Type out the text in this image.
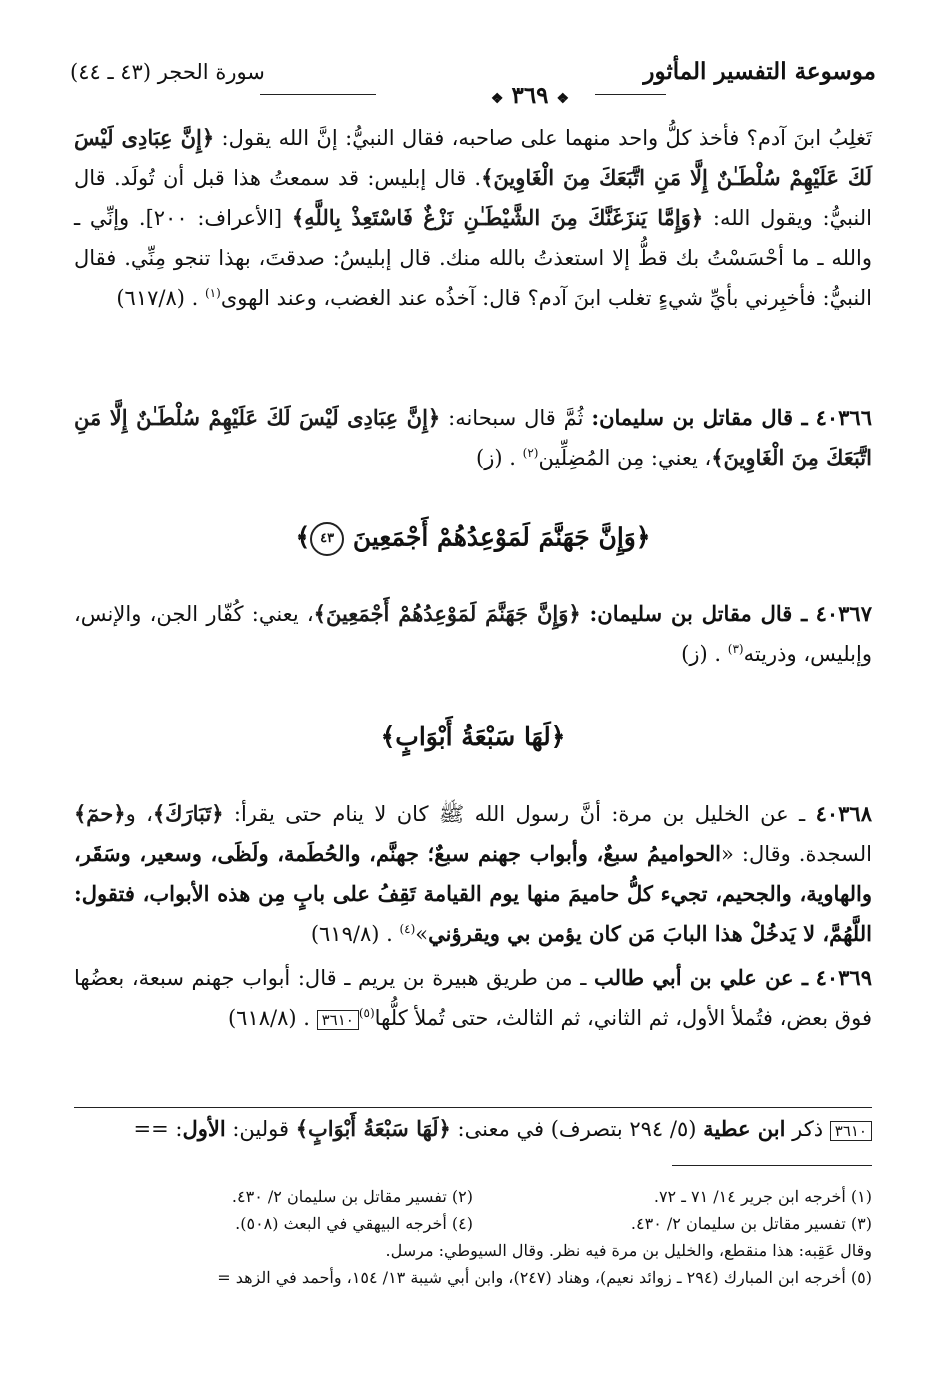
موسوعة التفسير المأثور
سورة الحجر (٤٣ ـ ٤٤)
❖ ٣٦٩ ❖
تَغلِبُ ابنَ آدم؟ فأخذ كلُّ واحد منهما على صاحبه، فقال النبيُّ: إنَّ الله يقول: ﴿إِنَّ عِبَادِى لَيْسَ لَكَ عَلَيْهِمْ سُلْطَـٰنٌ إِلَّا مَنِ اتَّبَعَكَ مِنَ الْغَاوِينَ﴾. قال إبليس: قد سمعتُ هذا قبل أن تُولَد. قال النبيُّ: ويقول الله: ﴿وَإِمَّا يَنزَغَنَّكَ مِنَ الشَّيْطَـٰنِ نَزْغٌ فَاسْتَعِذْ بِاللَّهِ﴾ [الأعراف: ٢٠٠]. وإنِّي ـ والله ـ ما أحْسَسْتُ بك قطُّ إلا استعذتُ بالله منك. قال إبليسُ: صدقتَ، بهذا تنجو مِنِّي. فقال النبيُّ: فأخبِرني بأيِّ شيءٍ تغلب ابنَ آدم؟ قال: آخذُه عند الغضب، وعند الهوى$^{(١)}$ . (٦١٧/٨)
٤٠٣٦٦ ـ قال مقاتل بن سليمان: ثُمَّ قال سبحانه: ﴿إِنَّ عِبَادِى لَيْسَ لَكَ عَلَيْهِمْ سُلْطَـٰنٌ إِلَّا مَنِ اتَّبَعَكَ مِنَ الْغَاوِينَ﴾، يعني: مِن المُضِلِّين$^{(٢)}$ . (ز)
﴿وَإِنَّ جَهَنَّمَ لَمَوْعِدُهُمْ أَجْمَعِينَ ٤٣﴾
٤٠٣٦٧ ـ قال مقاتل بن سليمان: ﴿وَإِنَّ جَهَنَّمَ لَمَوْعِدُهُمْ أَجْمَعِينَ﴾، يعني: كُفّار الجن، والإنس، وإبليس، وذريته$^{(٣)}$ . (ز)
﴿لَهَا سَبْعَةُ أَبْوَابٍ﴾
٤٠٣٦٨ ـ عن الخليل بن مرة: أنَّ رسول الله ﷺ كان لا ينام حتى يقرأ: ﴿تَبَارَكَ﴾، و﴿حمٓ﴾ السجدة. وقال: «الحواميمُ سبعٌ، وأبواب جهنم سبعٌ؛ جهنَّم، والحُطَمة، ولَظَى، وسعير، وسَقَر، والهاوية، والجحيم، تجيء كلُّ حاميمَ منها يوم القيامة تَقِفُ على بابٍ مِن هذه الأبواب، فتقول: اللَّهُمَّ، لا يَدخُلْ هذا البابَ مَن كان يؤمن بي ويقرؤني»$^{(٤)}$ . (٦١٩/٨)
٤٠٣٦٩ ـ عن علي بن أبي طالب ـ من طريق هبيرة بن يريم ـ قال: أبواب جهنم سبعة، بعضُها فوق بعض، فتُملأ الأول، ثم الثاني، ثم الثالث، حتى تُملأ كلُّها$^{(٥)}$٣٦١٠ . (٦١٨/٨)
٣٦١٠ ذكر ابن عطية (٥/ ٢٩٤ بتصرف) في معنى: ﴿لَهَا سَبْعَةُ أَبْوَابٍ﴾ قولين: الأول: ==
(١) أخرجه ابن جرير ١٤/ ٧١ ـ ٧٢.
(٢) تفسير مقاتل بن سليمان ٢/ ٤٣٠.
(٣) تفسير مقاتل بن سليمان ٢/ ٤٣٠.
(٤) أخرجه البيهقي في البعث (٥٠٨).
وقال عَقِبه: هذا منقطع، والخليل بن مرة فيه نظر. وقال السيوطي: مرسل.
(٥) أخرجه ابن المبارك (٢٩٤ ـ زوائد نعيم)، وهناد (٢٤٧)، وابن أبي شيبة ١٣/ ١٥٤، وأحمد في الزهد =
